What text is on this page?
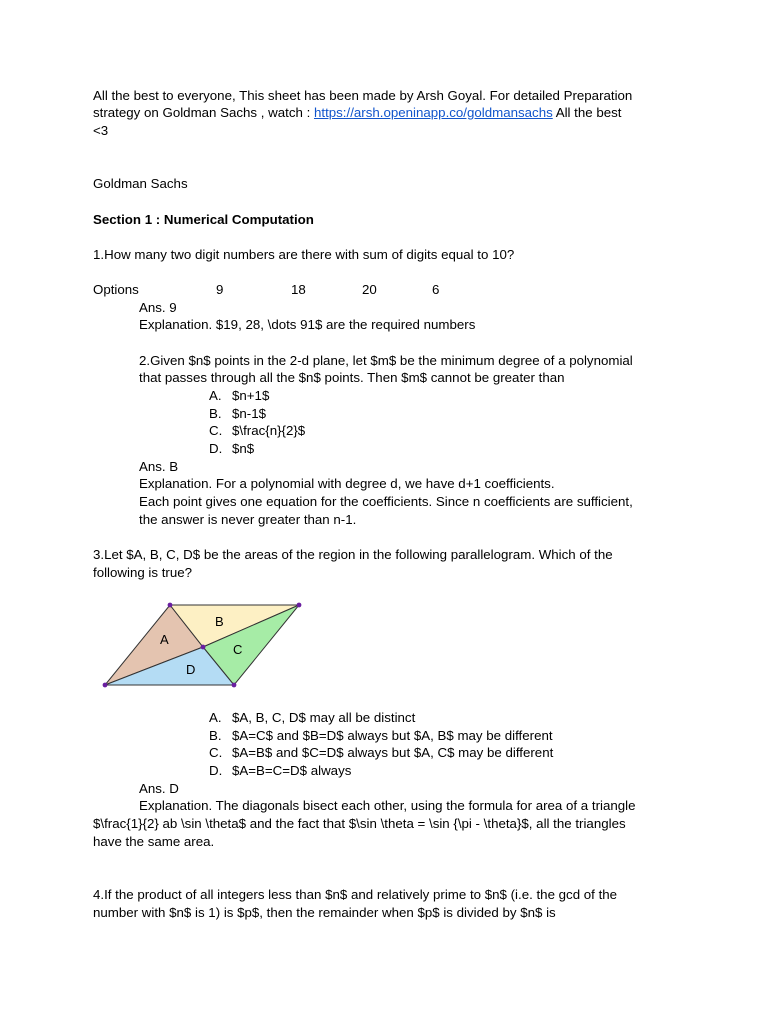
All the best to everyone, This sheet has been made by Arsh Goyal. For detailed Preparation
strategy on Goldman Sachs , watch : https://arsh.openinapp.co/goldmansachs All the best
<3
Goldman Sachs
Section 1 : Numerical Computation
1.How many two digit numbers are there with sum of digits equal to 10?
Options	9	18	20	6
Ans. 9
Explanation. $19, 28, \dots 91$ are the required numbers
2.Given $n$ points in the 2-d plane, let $m$ be the minimum degree of a polynomial
that passes through all the $n$ points. Then $m$ cannot be greater than
A. $n+1$
B. $n-1$
C. $\frac{n}{2}$
D. $n$
Ans. B
Explanation. For a polynomial with degree d, we have d+1 coefficients.
Each point gives one equation for the coefficients. Since n coefficients are sufficient,
the answer is never greater than n-1.
3.Let $A, B, C, D$ be the areas of the region in the following parallelogram. Which of the
following is true?
A
B
C
D
A. $A, B, C, D$ may all be distinct
B. $A=C$ and $B=D$ always but $A, B$ may be different
C. $A=B$ and $C=D$ always but $A, C$ may be different
D. $A=B=C=D$ always
Ans. D
Explanation. The diagonals bisect each other, using the formula for area of a triangle
$\frac{1}{2} ab \sin \theta$ and the fact that $\sin \theta = \sin {\pi - \theta}$, all the triangles
have the same area.
4.If the product of all integers less than $n$ and relatively prime to $n$ (i.e. the gcd of the
number with $n$ is 1) is $p$, then the remainder when $p$ is divided by $n$ is
